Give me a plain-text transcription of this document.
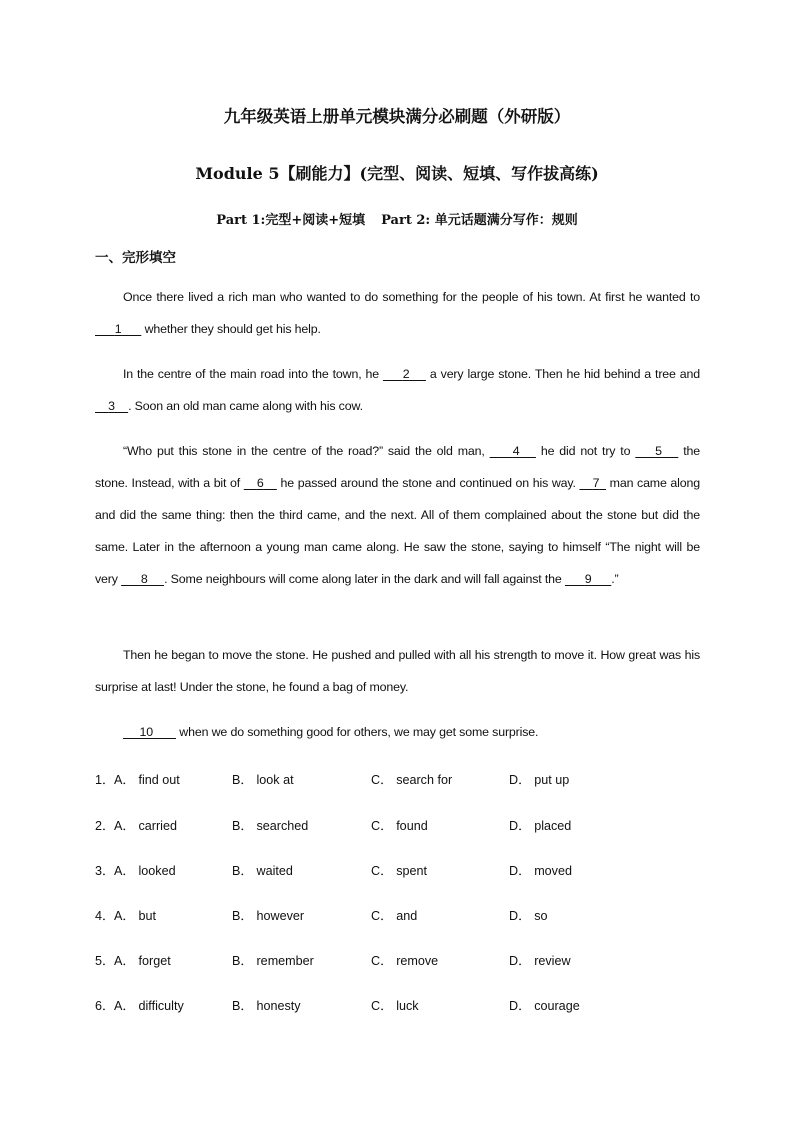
九年级英语上册单元模块满分必刷题（外研版）
Module 5【刷能力】(完型、阅读、短填、写作拔高练)
Part 1:完型+阅读+短填 Part 2: 单元话题满分写作：规则
一、完形填空
Once there lived a rich man who wanted to do something for the people of his town. At first he wanted to       1       whether they should get his help.
In the centre of the main road into the town, he       2      a very large stone. Then he hid behind a tree and     3 . Soon an old man came along with his cow.
“Who put this stone in the centre of the road?” said the old man,        4      he did not try to       5      the stone. Instead, with a bit of     6     he passed around the stone and continued on his way.     7   man came along and did the same thing: then the third came, and the next. All of them complained about the stone but did the same. Later in the afternoon a young man came along. He saw the stone, saying to himself “The night will be very       8 . Some neighbours will come along later in the dark and will fall against the       9 .”
Then he began to move the stone. He pushed and pulled with all his strength to move it. How great was his surprise at last! Under the stone, he found a bag of money.
10        when we do something good for others, we may get some surprise.
1． A． find out	B． look at	C． search for	D． put up
2． A． carried	B． searched	C． found	D． placed
3． A． looked	B． waited	C． spent	D． moved
4． A． but	B． however	C． and	D． so
5． A． forget	B． remember	C． remove	D． review
6． A． difficulty	B． honesty	C． luck	D． courage
